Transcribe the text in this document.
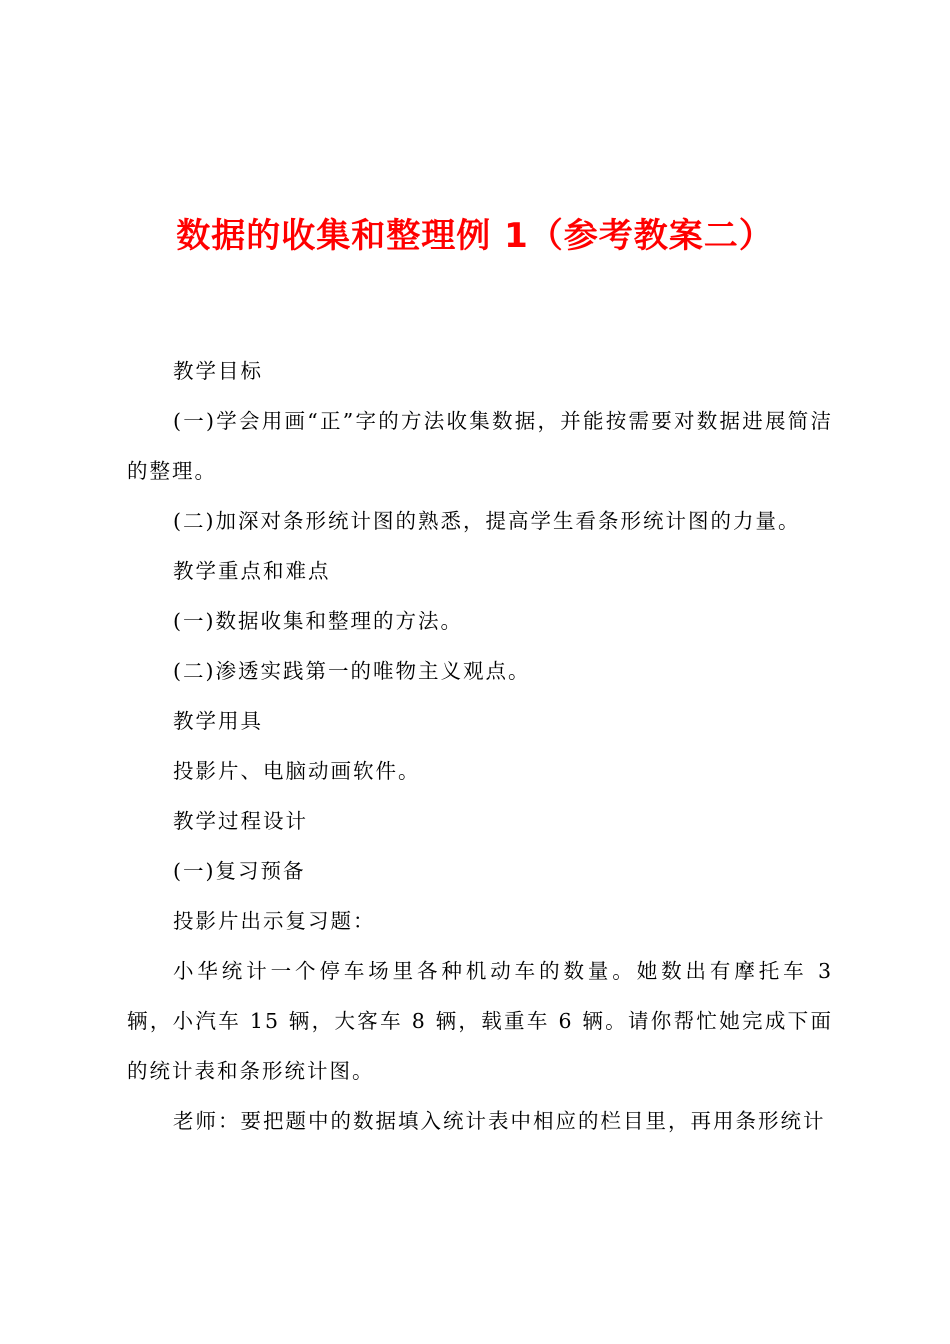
数据的收集和整理例 1（参考教案二）

教学目标

(一)学会用画“正”字的方法收集数据，并能按需要对数据进展简洁的整理。

(二)加深对条形统计图的熟悉，提高学生看条形统计图的力量。

教学重点和难点

(一)数据收集和整理的方法。

(二)渗透实践第一的唯物主义观点。

教学用具

投影片、电脑动画软件。

教学过程设计

(一)复习预备

投影片出示复习题：

小华统计一个停车场里各种机动车的数量。她数出有摩托车 3 辆，小汽车 15 辆，大客车 8 辆，载重车 6 辆。请你帮忙她完成下面的统计表和条形统计图。

老师：要把题中的数据填入统计表中相应的栏目里，再用条形统计
